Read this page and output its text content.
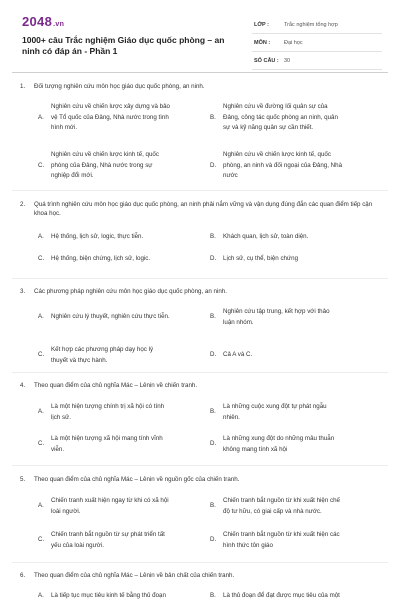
2048.vn
1000+ câu Trắc nghiệm Giáo dục quốc phòng – an ninh có đáp án - Phần 1
LỚP :	Trắc nghiệm tổng hợp
MÔN :	Đại học
SỐ CÂU : 30
1. Đối tượng nghiên cứu môn học giáo dục quốc phòng, an ninh.
A.
Nghiên cứu về chiến lược xây dựng và bảo
vệ Tổ quốc của Đảng, Nhà nước trong tình
hình mới.
B.
Nghiên cứu về đường lối quân sự của
Đảng, công tác quốc phòng an ninh, quân
sự và kỹ năng quân sự cần thiết.
C.
Nghiên cứu về chiến lược kinh tế, quốc
phòng của Đảng, Nhà nước trong sự
nghiệp đổi mới.
D.
Nghiên cứu về chiến lược kinh tế, quốc
phòng, an ninh và đối ngoại của Đảng, Nhà
nước
2. Quá trình nghiên cứu môn học giáo dục quốc phòng, an ninh phải nắm vững và vận dụng đúng đắn các quan điểm tiếp cận khoa học.
A. Hệ thống, lịch sử, logic, thực tiễn.	B. Khách quan, lịch sử, toàn diện.
C. Hệ thống, biện chứng, lịch sử, logic.	D. Lịch sử, cụ thể, biện chứng
3. Các phương pháp nghiên cứu môn học giáo dục quốc phòng, an ninh.
A. Nghiên cứu lý thuyết, nghiên cứu thực tiễn.	B.
Nghiên cứu tập trung, kết hợp với thảo
luận nhóm.
C.
Kết hợp các phương pháp dạy học lý
thuyết và thực hành.
D. Cả A và C.
4. Theo quan điểm của chủ nghĩa Mác – Lênin về chiến tranh.
A.
Là một hiện tượng chính trị xã hội có tính
lịch sử.
B.
Là những cuộc xung đột tự phát ngẫu
nhiên.
C.
Là một hiện tượng xã hội mang tính vĩnh
viễn.
D.
Là những xung đột do những mâu thuẫn
không mang tính xã hội
5. Theo quan điểm của chủ nghĩa Mác – Lênin về nguồn gốc của chiến tranh.
A.
Chiến tranh xuất hiện ngay từ khi có xã hội
loài người.
B.
Chiến tranh bắt nguồn từ khi xuất hiện chế
độ tư hữu, có giai cấp và nhà nước.
C.
Chiến tranh bắt nguồn từ sự phát triển tất
yếu của loài người.
D.
Chiến tranh bắt nguồn từ khi xuất hiện các
hình thức tôn giáo
6. Theo quan điểm của chủ nghĩa Mác – Lênin về bản chất của chiến tranh.
A. Là tiếp tục mục tiêu kinh tế bằng thủ đoạn	B. Là thủ đoạn để đạt được mục tiêu của một
